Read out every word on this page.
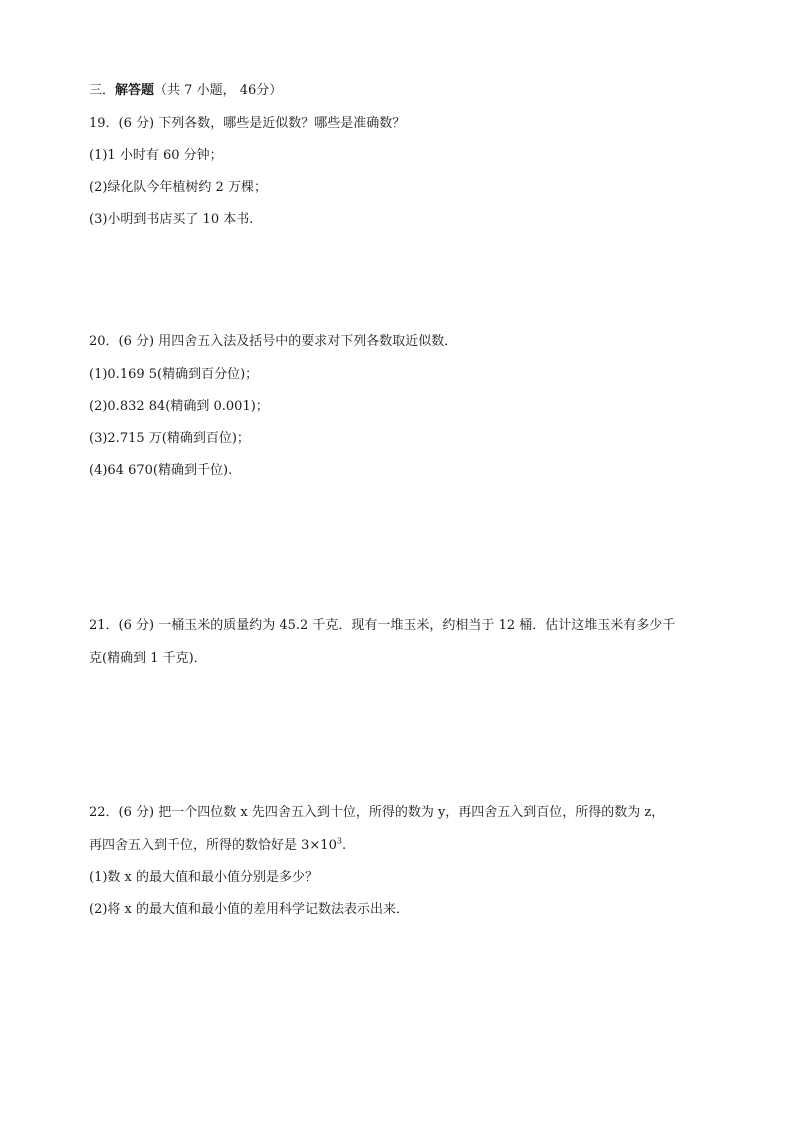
三．解答题（共 7 小题， 46分）
19．(6 分) 下列各数，哪些是近似数？哪些是准确数？
(1)1 小时有 60 分钟；
(2)绿化队今年植树约 2 万棵；
(3)小明到书店买了 10 本书.
20．(6 分) 用四舍五入法及括号中的要求对下列各数取近似数．
(1)0.169 5(精确到百分位)；
(2)0.832 84(精确到 0.001)；
(3)2.715 万(精确到百位)；
(4)64 670(精确到千位).
21．(6 分) 一桶玉米的质量约为 45.2 千克．现有一堆玉米，约相当于 12 桶．估计这堆玉米有多少千
克(精确到 1 千克)．
22．(6 分) 把一个四位数 x 先四舍五入到十位，所得的数为 y，再四舍五入到百位，所得的数为 z，
再四舍五入到千位，所得的数恰好是 $3\times 10^3$.
(1)数 x 的最大值和最小值分别是多少？
(2)将 x 的最大值和最小值的差用科学记数法表示出来．
